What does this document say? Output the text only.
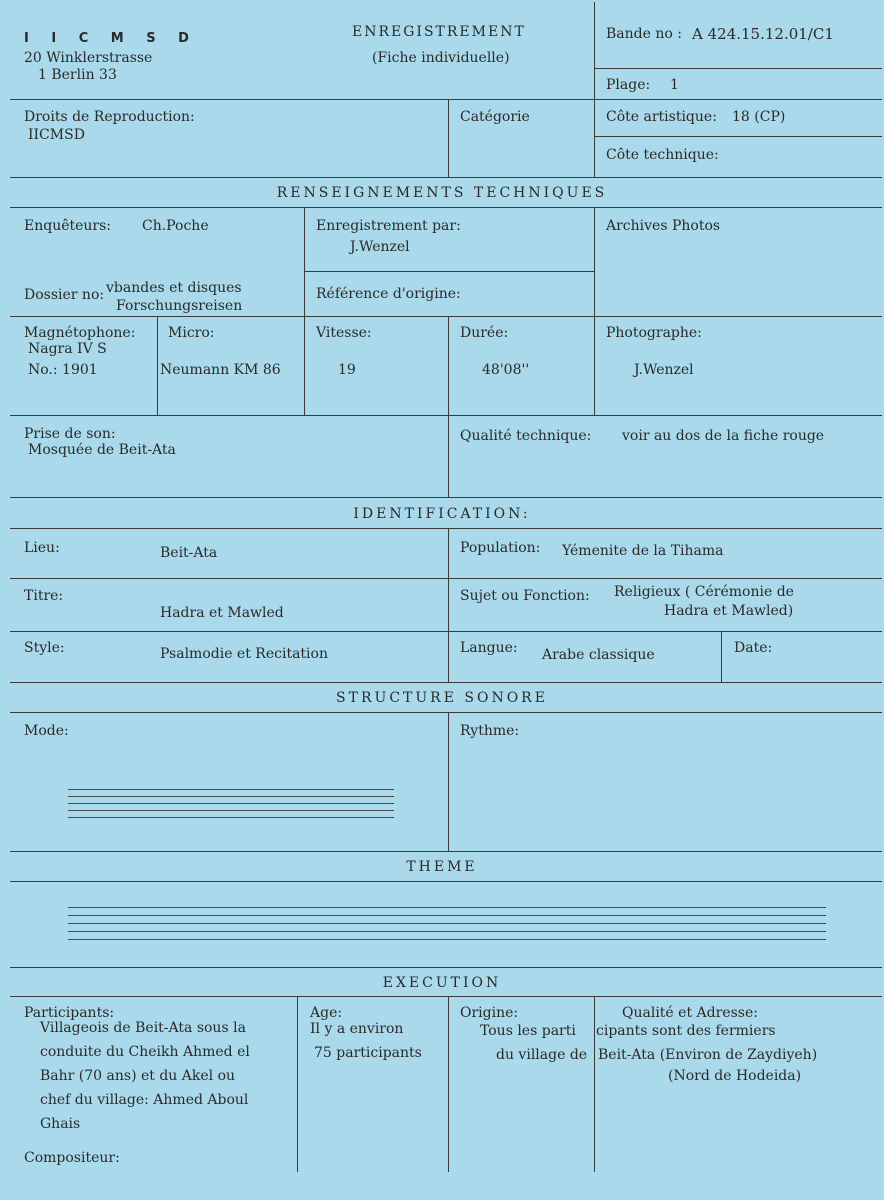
I I C M S D
20 Winklerstrasse
1 Berlin 33
ENREGISTREMENT
(Fiche individuelle)
Bande no : A 424.15.12.01/C1
Plage: 1
Droits de Reproduction:
IICMSD
Catégorie	Côte artistique: 18 (CP)
Côte technique:
RENSEIGNEMENTS TECHNIQUES
Enquêteurs: Ch.Poche	Enregistrement par:
J.Wenzel
Archives Photos
Dossier no: vbandes et disques
Forschungsreisen
Référence d'origine:
Magnétophone:
Nagra IV S
No.: 1901
Micro:
Neumann KM 86
Vitesse:
19
Durée:
48'08''
Photographe:
J.Wenzel
Prise de son:
Mosquée de Beit-Ata
Qualité technique: voir au dos de la fiche rouge
IDENTIFICATION:
Lieu:	Beit-Ata	Population: Yémenite de la Tihama
Titre:
Hadra et Mawled
Sujet ou Fonction: Religieux ( Cérémonie de
Hadra et Mawled)
Style:	Psalmodie et Recitation	Langue: Arabe classique	Date:
STRUCTURE SONORE
Mode:	Rythme:
THEME
EXECUTION
Participants:
Villageois de Beit-Ata sous la
conduite du Cheikh Ahmed el
Bahr (70 ans) et du Akel ou
chef du village: Ahmed Aboul
Ghais
Age:
Il y a environ
75 participants
Origine:
Tous les parti
du village de
Qualité et Adresse:
cipants sont des fermiers
Beit-Ata (Environ de Zaydiyeh)
(Nord de Hodeida)
Compositeur:
